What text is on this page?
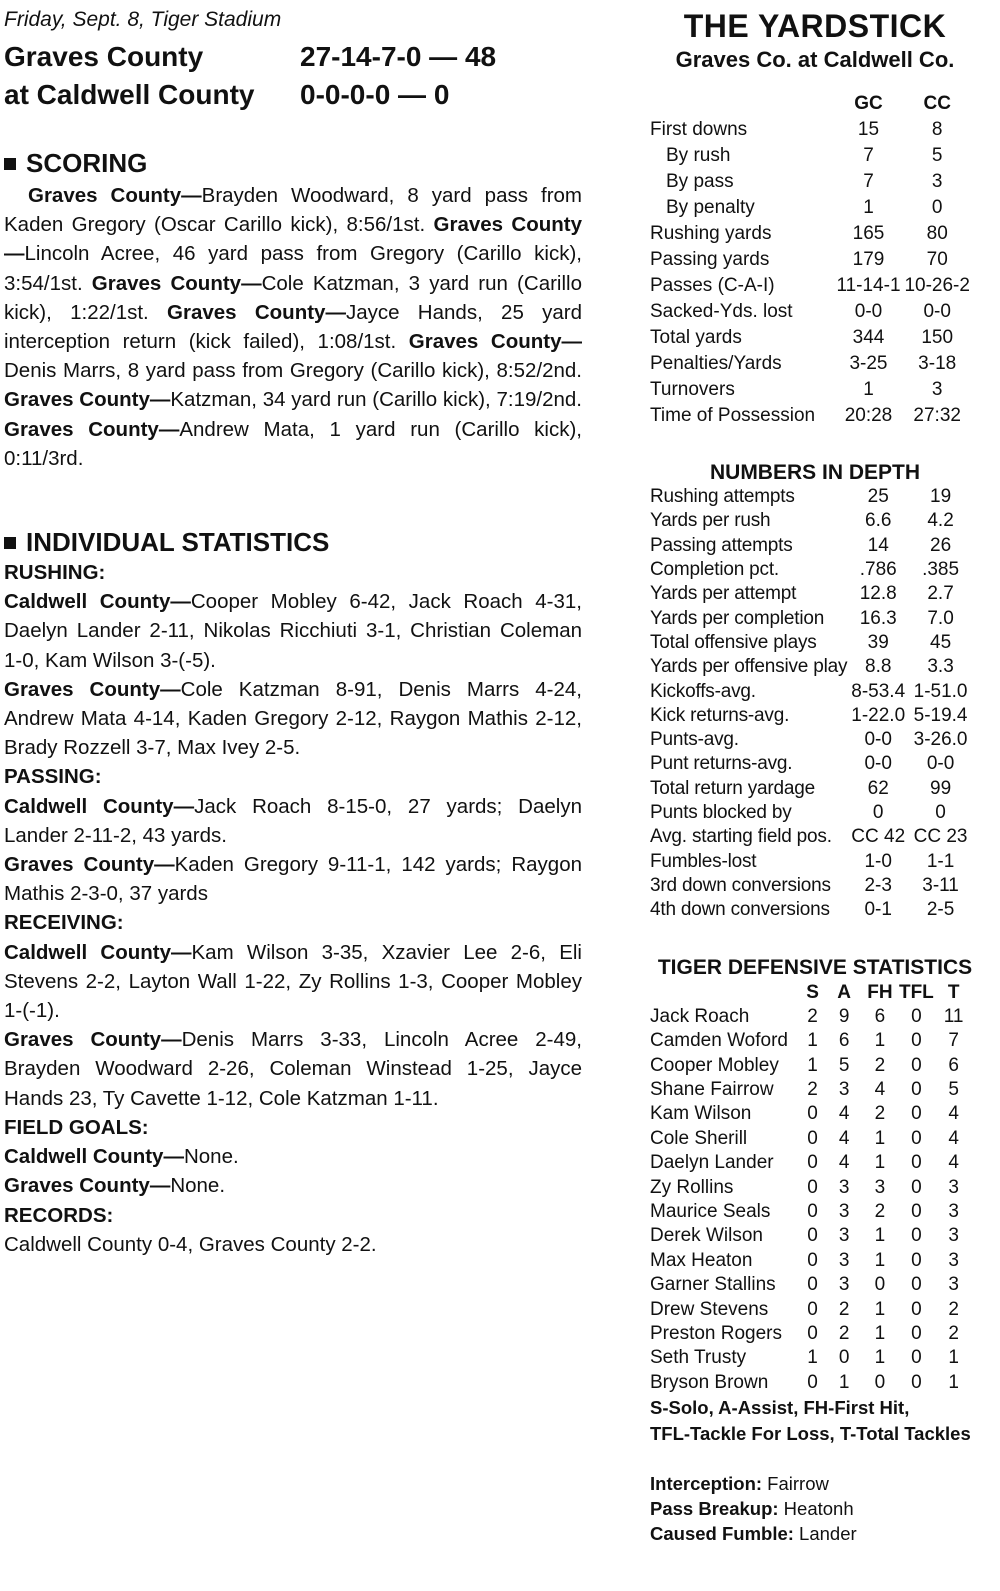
Friday, Sept. 8, Tiger Stadium

Graves County	27-14-7-0 — 48
at Caldwell County	0-0-0-0 — 0
SCORING

Graves County—Brayden Woodward, 8 yard pass from Kaden Gregory (Oscar Carillo kick), 8:56/1st. Graves County—Lincoln Acree, 46 yard pass from Gregory (Carillo kick), 3:54/1st. Graves County—Cole Katzman, 3 yard run (Carillo kick), 1:22/1st. Graves County—Jayce Hands, 25 yard interception return (kick failed), 1:08/1st. Graves County—Denis Marrs, 8 yard pass from Gregory (Carillo kick), 8:52/2nd. Graves County—Katzman, 34 yard run (Carillo kick), 7:19/2nd. Graves County—Andrew Mata, 1 yard run (Carillo kick), 0:11/3rd.

INDIVIDUAL STATISTICS

RUSHING:

Caldwell County—Cooper Mobley 6-42, Jack Roach 4-31, Daelyn Lander 2-11, Nikolas Ricchiuti 3-1, Christian Coleman 1-0, Kam Wilson 3-(-5).

Graves County—Cole Katzman 8-91, Denis Marrs 4-24, Andrew Mata 4-14, Kaden Gregory 2-12, Raygon Mathis 2-12, Brady Rozzell 3-7, Max Ivey 2-5.

PASSING:

Caldwell County—Jack Roach 8-15-0, 27 yards; Daelyn Lander 2-11-2, 43 yards.

Graves County—Kaden Gregory 9-11-1, 142 yards; Raygon Mathis 2-3-0, 37 yards

RECEIVING:

Caldwell County—Kam Wilson 3-35, Xzavier Lee 2-6, Eli Stevens 2-2, Layton Wall 1-22, Zy Rollins 1-3, Cooper Mobley 1-(-1).

Graves County—Denis Marrs 3-33, Lincoln Acree 2-49, Brayden Woodward 2-26, Coleman Winstead 1-25, Jayce Hands 23, Ty Cavette 1-12, Cole Katzman 1-11.

FIELD GOALS:

Caldwell County—None.

Graves County—None.

RECORDS:

Caldwell County 0-4, Graves County 2-2.

THE YARDSTICK

Graves Co. at Caldwell Co.

	GC	CC
First downs	15	8
By rush	7	5
By pass	7	3
By penalty	1	0
Rushing yards	165	80
Passing yards	179	70
Passes (C-A-I)	11-14-1	10-26-2
Sacked-Yds. lost	0-0	0-0
Total yards	344	150
Penalties/Yards	3-25	3-18
Turnovers	1	3
Time of Possession	20:28	27:32

NUMBERS IN DEPTH

Rushing attempts	25	19
Yards per rush	6.6	4.2
Passing attempts	14	26
Completion pct.	.786	.385
Yards per attempt	12.8	2.7
Yards per completion	16.3	7.0
Total offensive plays	39	45
Yards per offensive play	8.8	3.3
Kickoffs-avg.	8-53.4	1-51.0
Kick returns-avg.	1-22.0	5-19.4
Punts-avg.	0-0	3-26.0
Punt returns-avg.	0-0	0-0
Total return yardage	62	99
Punts blocked by	0	0
Avg. starting field pos.	CC 42	CC 23
Fumbles-lost	1-0	1-1
3rd down conversions	2-3	3-11
4th down conversions	0-1	2-5

TIGER DEFENSIVE STATISTICS

	S	A	FH	TFL	T
Jack Roach	2	9	6	0	11
Camden Woford	1	6	1	0	7
Cooper Mobley	1	5	2	0	6
Shane Fairrow	2	3	4	0	5
Kam Wilson	0	4	2	0	4
Cole Sherill	0	4	1	0	4
Daelyn Lander	0	4	1	0	4
Zy Rollins	0	3	3	0	3
Maurice Seals	0	3	2	0	3
Derek Wilson	0	3	1	0	3
Max Heaton	0	3	1	0	3
Garner Stallins	0	3	0	0	3
Drew Stevens	0	2	1	0	2
Preston Rogers	0	2	1	0	2
Seth Trusty	1	0	1	0	1
Bryson Brown	0	1	0	0	1

S-Solo, A-Assist, FH-First Hit,

TFL-Tackle For Loss, T-Total Tackles

Interception: Fairrow

Pass Breakup: Heatonh

Caused Fumble: Lander
